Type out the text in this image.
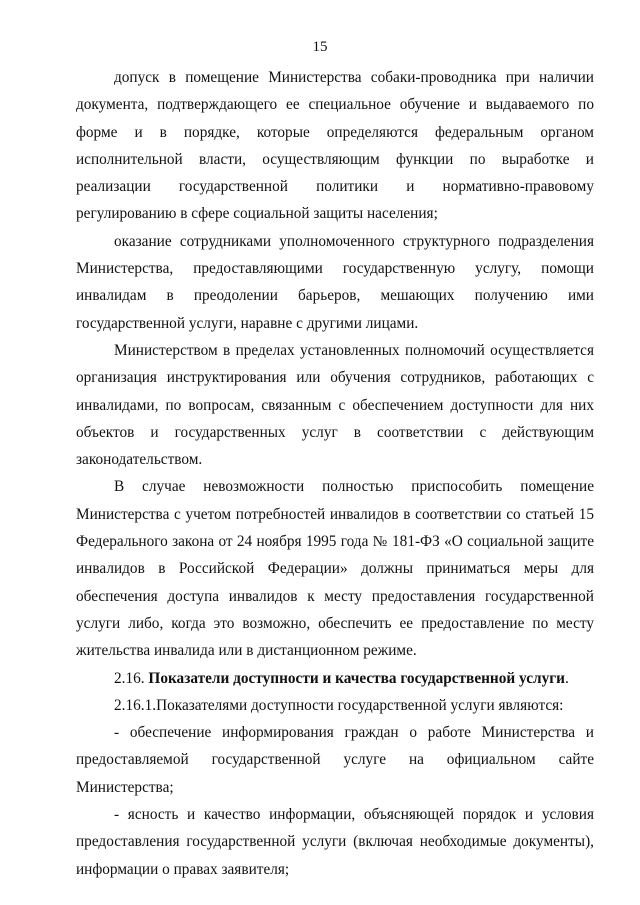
15

допуск в помещение Министерства собаки-проводника при наличии документа, подтверждающего ее специальное обучение и выдаваемого по форме и в порядке, которые определяются федеральным органом исполнительной власти, осуществляющим функции по выработке и реализации государственной политики и нормативно-правовому регулированию в сфере социальной защиты населения;

оказание сотрудниками уполномоченного структурного подразделения Министерства, предоставляющими государственную услугу, помощи инвалидам в преодолении барьеров, мешающих получению ими государственной услуги, наравне с другими лицами.

Министерством в пределах установленных полномочий осуществляется организация инструктирования или обучения сотрудников, работающих с инвалидами, по вопросам, связанным с обеспечением доступности для них объектов и государственных услуг в соответствии с действующим законодательством.

В случае невозможности полностью приспособить помещение Министерства с учетом потребностей инвалидов в соответствии со статьей 15 Федерального закона от 24 ноября 1995 года № 181-ФЗ «О социальной защите инвалидов в Российской Федерации» должны приниматься меры для обеспечения доступа инвалидов к месту предоставления государственной услуги либо, когда это возможно, обеспечить ее предоставление по месту жительства инвалида или в дистанционном режиме.

2.16. Показатели доступности и качества государственной услуги.

2.16.1.Показателями доступности государственной услуги являются:

- обеспечение информирования граждан о работе Министерства и предоставляемой государственной услуге на официальном сайте Министерства;

- ясность и качество информации, объясняющей порядок и условия предоставления государственной услуги (включая необходимые документы), информации о правах заявителя;
